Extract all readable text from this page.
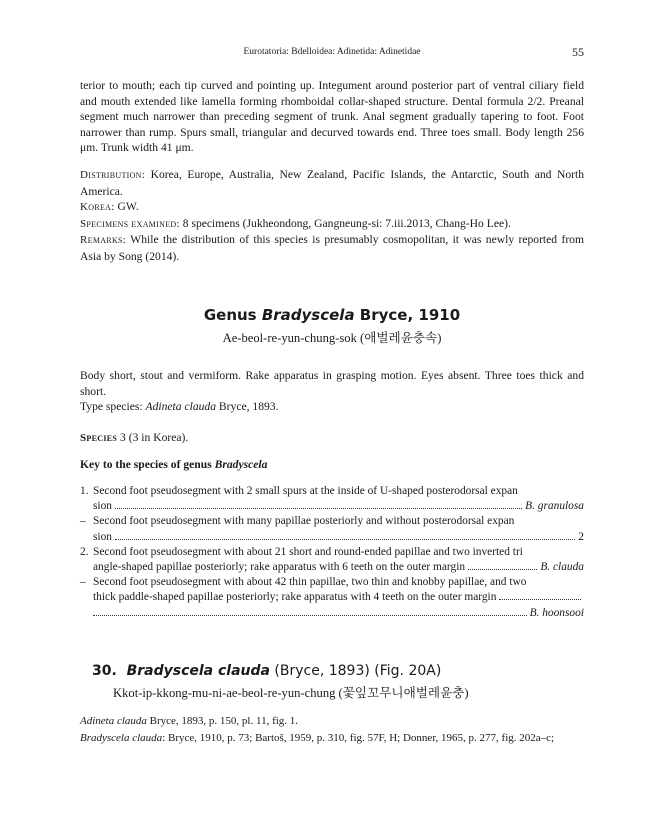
Eurotatoria: Bdelloidea: Adinetida: Adinetidae	55

terior to mouth; each tip curved and pointing up. Integument around posterior part of ventral ciliary field and mouth extended like lamella forming rhomboidal collar-shaped structure. Dental formula 2/2. Preanal segment much narrower than preceding segment of trunk. Anal segment gradually tapering to foot. Foot narrower than rump. Spurs small, triangular and decurved towards end. Three toes small. Body length 256 μm. Trunk width 41 μm.

Distribution: Korea, Europe, Australia, New Zealand, Pacific Islands, the Antarctic, South and North America.

Korea: GW.

Specimens examined: 8 specimens (Jukheondong, Gangneung-si: 7.iii.2013, Chang-Ho Lee).

Remarks: While the distribution of this species is presumably cosmopolitan, it was newly reported from Asia by Song (2014).

Genus Bradyscela Bryce, 1910
Ae-beol-re-yun-chung-sok (애벌레윤충속)

Body short, stout and vermiform. Rake apparatus in grasping motion. Eyes absent. Three toes thick and short.

Type species: Adineta clauda Bryce, 1893.

Species 3 (3 in Korea).

Key to the species of genus Bradyscela
1. Second foot pseudosegment with 2 small spurs at the inside of U-shaped posterodorsal expan
sion	B. granulosa
– Second foot pseudosegment with many papillae posteriorly and without posterodorsal expan
sion	2
2. Second foot pseudosegment with about 21 short and round-ended papillae and two inverted tri
angle-shaped papillae posteriorly; rake apparatus with 6 teeth on the outer margin	B. clauda
– Second foot pseudosegment with about 42 thin papillae, two thin and knobby papillae, and two
thick paddle-shaped papillae posteriorly; rake apparatus with 4 teeth on the outer margin
B. hoonsooi
30. Bradyscela clauda (Bryce, 1893) (Fig. 20A)
Kkot-ip-kkong-mu-ni-ae-beol-re-yun-chung (꽃잎꼬무니애벌레윤충)
Adineta clauda Bryce, 1893, p. 150, pl. 11, fig. 1.
Bradyscela clauda: Bryce, 1910, p. 73; Bartoš, 1959, p. 310, fig. 57F, H; Donner, 1965, p. 277, fig. 202a–c;
